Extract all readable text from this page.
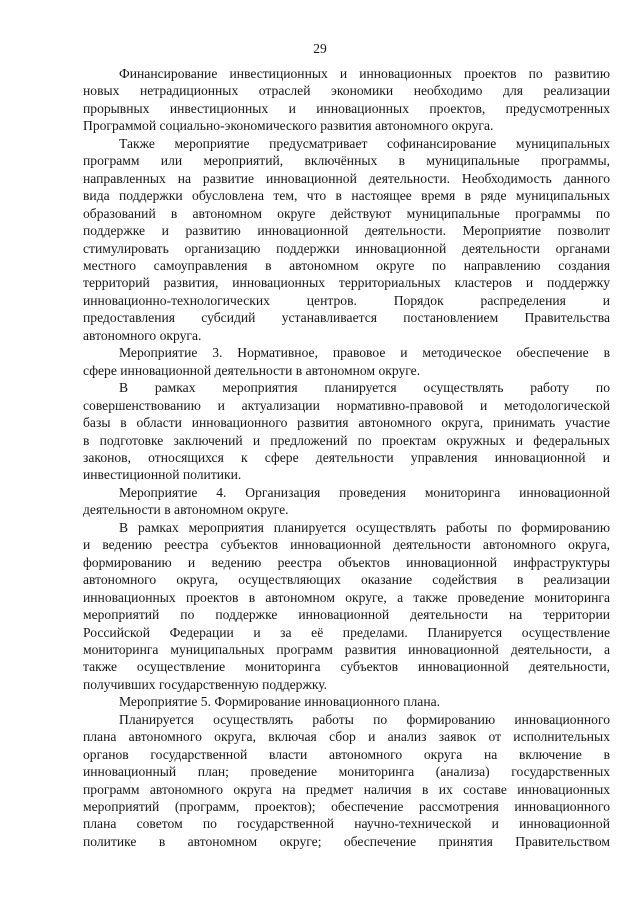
29
Финансирование инвестиционных и инновационных проектов по развитию
новых нетрадиционных отраслей экономики необходимо для реализации
прорывных инвестиционных и инновационных проектов, предусмотренных
Программой социально-экономического развития автономного округа.
Также мероприятие предусматривает софинансирование муниципальных
программ или мероприятий, включённых в муниципальные программы,
направленных на развитие инновационной деятельности. Необходимость данного
вида поддержки обусловлена тем, что в настоящее время в ряде муниципальных
образований в автономном округе действуют муниципальные программы по
поддержке и развитию инновационной деятельности. Мероприятие позволит
стимулировать организацию поддержки инновационной деятельности органами
местного самоуправления в автономном округе по направлению создания
территорий развития, инновационных территориальных кластеров и поддержку
инновационно-технологических центров. Порядок распределения и
предоставления субсидий устанавливается постановлением Правительства
автономного округа.
Мероприятие 3. Нормативное, правовое и методическое обеспечение в
сфере инновационной деятельности в автономном округе.
В рамках мероприятия планируется осуществлять работу по
совершенствованию и актуализации нормативно-правовой и методологической
базы в области инновационного развития автономного округа, принимать участие
в подготовке заключений и предложений по проектам окружных и федеральных
законов, относящихся к сфере деятельности управления инновационной и
инвестиционной политики.
Мероприятие 4. Организация проведения мониторинга инновационной
деятельности в автономном округе.
В рамках мероприятия планируется осуществлять работы по формированию
и ведению реестра субъектов инновационной деятельности автономного округа,
формированию и ведению реестра объектов инновационной инфраструктуры
автономного округа, осуществляющих оказание содействия в реализации
инновационных проектов в автономном округе, а также проведение мониторинга
мероприятий по поддержке инновационной деятельности на территории
Российской Федерации и за её пределами. Планируется осуществление
мониторинга муниципальных программ развития инновационной деятельности, а
также осуществление мониторинга субъектов инновационной деятельности,
получивших государственную поддержку.
Мероприятие 5. Формирование инновационного плана.
Планируется осуществлять работы по формированию инновационного
плана автономного округа, включая сбор и анализ заявок от исполнительных
органов государственной власти автономного округа на включение в
инновационный план; проведение мониторинга (анализа) государственных
программ автономного округа на предмет наличия в их составе инновационных
мероприятий (программ, проектов); обеспечение рассмотрения инновационного
плана советом по государственной научно-технической и инновационной
политике в автономном округе; обеспечение принятия Правительством
